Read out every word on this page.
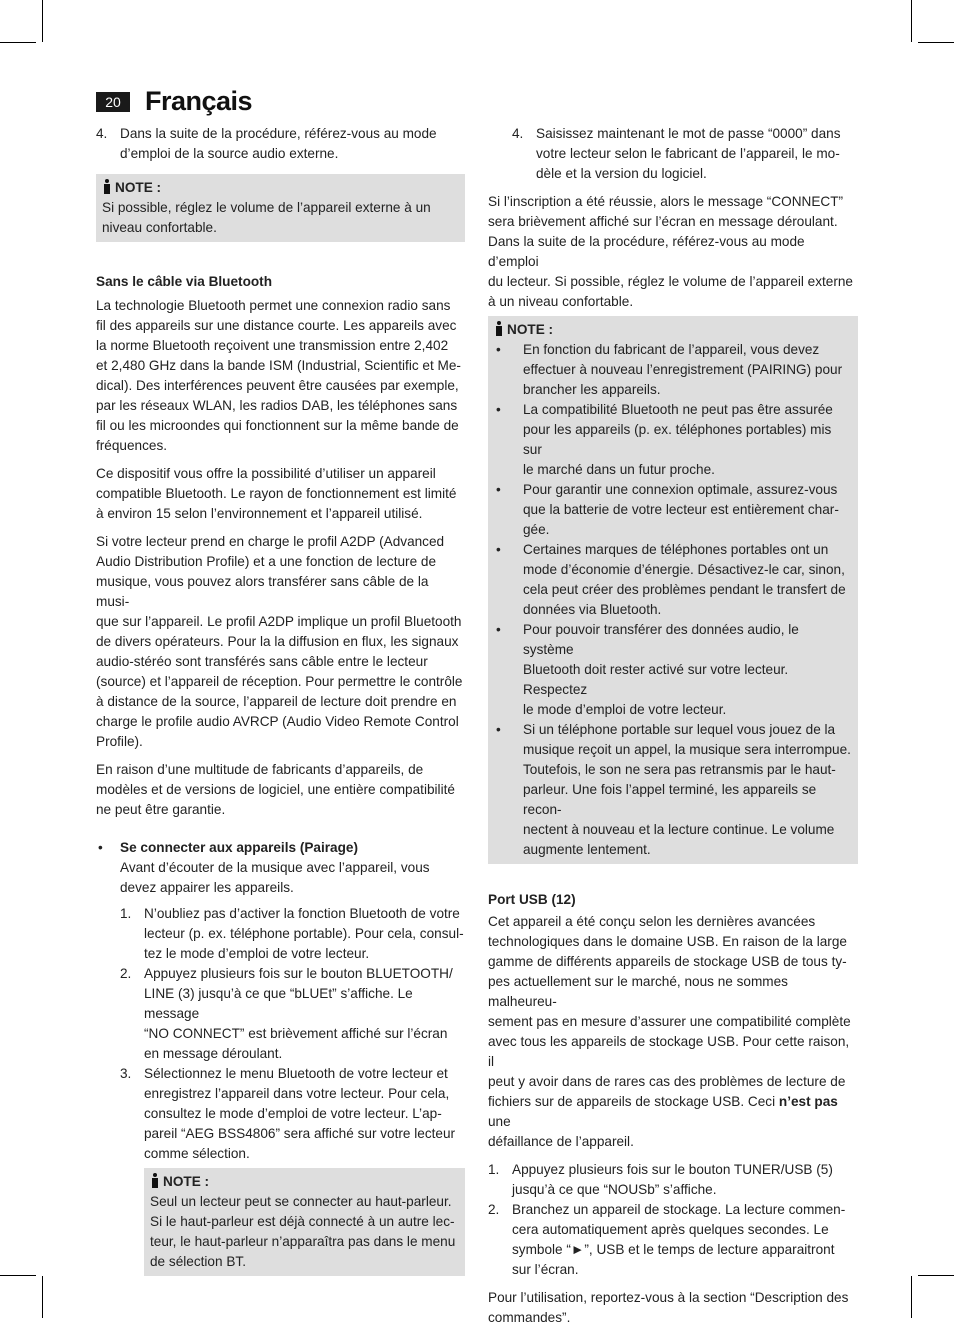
20 Français
4. Dans la suite de la procédure, référez-vous au mode
d’emploi de la source audio externe.
NOTE :
Si possible, réglez le volume de l’appareil externe à un
niveau confortable.
Sans le câble via Bluetooth

La technologie Bluetooth permet une connexion radio sans
fil des appareils sur une distance courte. Les appareils avec
la norme Bluetooth reçoivent une transmission entre 2,402
et 2,480 GHz dans la bande ISM (Industrial, Scientific et Me-
dical). Des interférences peuvent être causées par exemple,
par les réseaux WLAN, les radios DAB, les téléphones sans
fil ou les microondes qui fonctionnent sur la même bande de
fréquences.

Ce dispositif vous offre la possibilité d’utiliser un appareil
compatible Bluetooth. Le rayon de fonctionnement est limité
à environ 15 selon l’environnement et l’appareil utilisé.

Si votre lecteur prend en charge le profil A2DP (Advanced
Audio Distribution Profile) et a une fonction de lecture de
musique, vous pouvez alors transférer sans câble de la musi-
que sur l’appareil. Le profil A2DP implique un profil Bluetooth
de divers opérateurs. Pour la la diffusion en flux, les signaux
audio-stéréo sont transférés sans câble entre le lecteur
(source) et l’appareil de réception. Pour permettre le contrôle
à distance de la source, l’appareil de lecture doit prendre en
charge le profile audio AVRCP (Audio Video Remote Control
Profile).

En raison d’une multitude de fabricants d’appareils, de
modèles et de versions de logiciel, une entière compatibilité
ne peut être garantie.

• Se connecter aux appareils (Pairage)
Avant d’écouter de la musique avec l’appareil, vous
devez appairer les appareils.
1. N’oubliez pas d’activer la fonction Bluetooth de votre
lecteur (p. ex. téléphone portable). Pour cela, consul-
tez le mode d’emploi de votre lecteur.
2. Appuyez plusieurs fois sur le bouton BLUETOOTH/
LINE (3) jusqu’à ce que “bLUEt” s’affiche. Le message
“NO CONNECT” est brièvement affiché sur l’écran
en message déroulant.
3. Sélectionnez le menu Bluetooth de votre lecteur et
enregistrez l’appareil dans votre lecteur. Pour cela,
consultez le mode d’emploi de votre lecteur. L’ap-
pareil “AEG BSS4806” sera affiché sur votre lecteur
comme sélection.
NOTE :
Seul un lecteur peut se connecter au haut-parleur.
Si le haut-parleur est déjà connecté à un autre lec-
teur, le haut-parleur n’apparaîtra pas dans le menu
de sélection BT.
4. Saisissez maintenant le mot de passe “0000” dans
votre lecteur selon le fabricant de l’appareil, le mo-
dèle et la version du logiciel.

Si l’inscription a été réussie, alors le message “CONNECT”
sera brièvement affiché sur l’écran en message déroulant.
Dans la suite de la procédure, référez-vous au mode d’emploi
du lecteur. Si possible, réglez le volume de l’appareil externe
à un niveau confortable.

NOTE :
• En fonction du fabricant de l’appareil, vous devez
effectuer à nouveau l’enregistrement (PAIRING) pour
brancher les appareils.
• La compatibilité Bluetooth ne peut pas être assurée
pour les appareils (p. ex. téléphones portables) mis sur
le marché dans un futur proche.
• Pour garantir une connexion optimale, assurez-vous
que la batterie de votre lecteur est entièrement char-
gée.
• Certaines marques de téléphones portables ont un
mode d’économie d’énergie. Désactivez-le car, sinon,
cela peut créer des problèmes pendant le transfert de
données via Bluetooth.
• Pour pouvoir transférer des données audio, le système
Bluetooth doit rester activé sur votre lecteur. Respectez
le mode d’emploi de votre lecteur.
• Si un téléphone portable sur lequel vous jouez de la
musique reçoit un appel, la musique sera interrompue.
Toutefois, le son ne sera pas retransmis par le haut-
parleur. Une fois l’appel terminé, les appareils se recon-
nectent à nouveau et la lecture continue. Le volume
augmente lentement.
Port USB (12)

Cet appareil a été conçu selon les dernières avancées
technologiques dans le domaine USB. En raison de la large
gamme de différents appareils de stockage USB de tous ty-
pes actuellement sur le marché, nous ne sommes malheureu-
sement pas en mesure d’assurer une compatibilité complète
avec tous les appareils de stockage USB. Pour cette raison, il
peut y avoir dans de rares cas des problèmes de lecture de
fichiers sur de appareils de stockage USB. Ceci n’est pas une
défaillance de l’appareil.

1. Appuyez plusieurs fois sur le bouton TUNER/USB (5)
jusqu’à ce que “NOUSb” s’affiche.
2. Branchez un appareil de stockage. La lecture commen-
cera automatiquement après quelques secondes. Le
symbole “►”, USB et le temps de lecture apparaitront
sur l’écran.

Pour l’utilisation, reportez-vous à la section “Description des
commandes”.
